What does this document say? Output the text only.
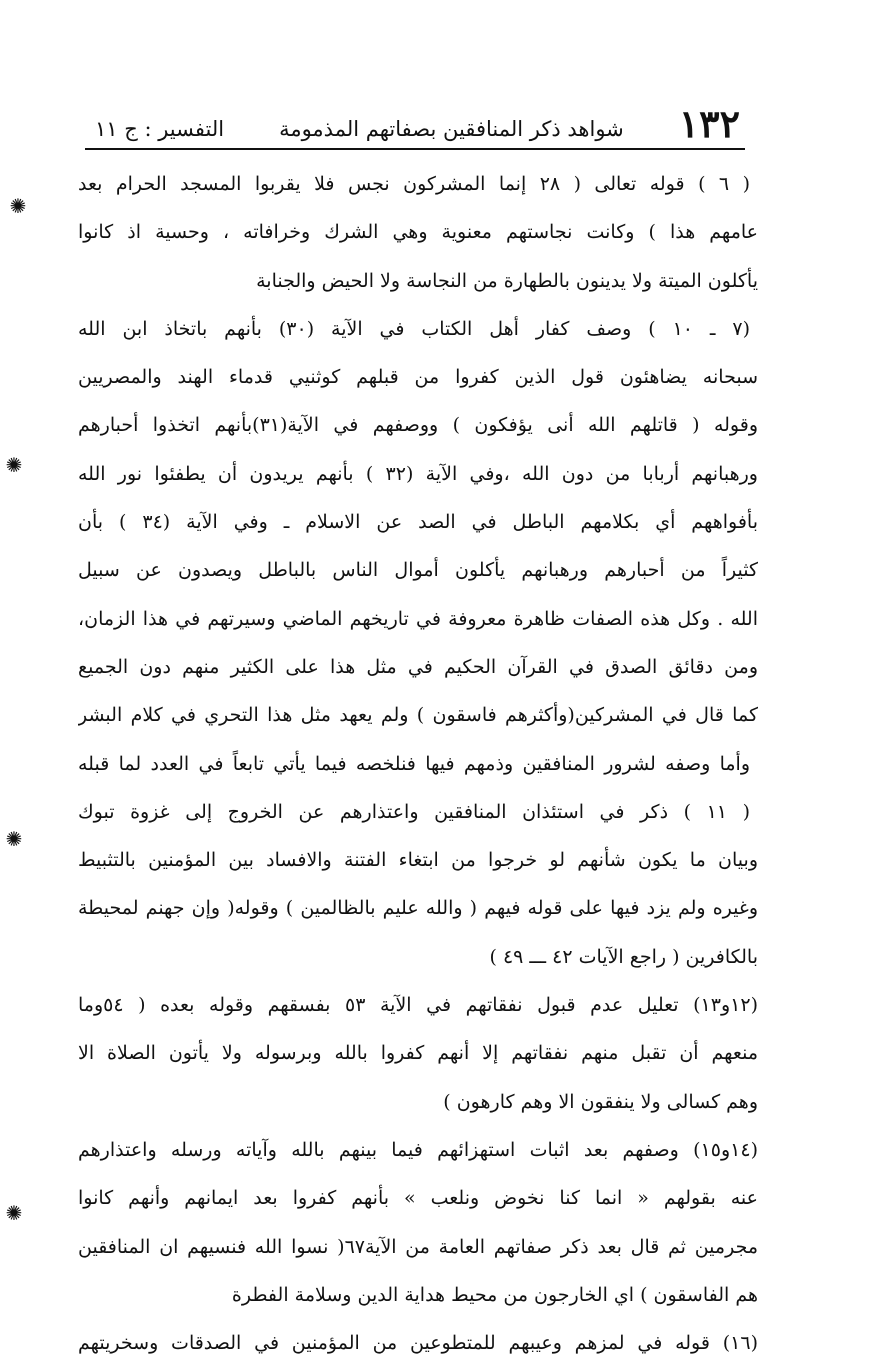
١٣٢
شواهد ذكر المنافقين بصفاتهم المذمومة
التفسير : ج ١١
( ٦ ) قوله تعالى ( ٢٨ إنما المشركون نجس فلا يقربوا المسجد الحرام بعد
عامهم هذا ) وكانت نجاستهم معنوية وهي الشرك وخرافاته ، وحسية اذ كانوا
يأكلون الميتة ولا يدينون بالطهارة من النجاسة ولا الحيض والجنابة
(٧ ـ ١٠ ) وصف كفار أهل الكتاب في الآية (٣٠) بأنهم باتخاذ ابن الله
سبحانه يضاهئون قول الذين كفروا من قبلهم كوثنيي قدماء الهند والمصريين
وقوله ( قاتلهم الله أنى يؤفكون ) ووصفهم في الآية(٣١)بأنهم اتخذوا أحبارهم
ورهبانهم أربابا من دون الله ،وفي الآية (٣٢ ) بأنهم يريدون أن يطفئوا نور الله
بأفواههم أي بكلامهم الباطل في الصد عن الاسلام ـ وفي الآية (٣٤ ) بأن
كثيراً من أحبارهم ورهبانهم يأكلون أموال الناس بالباطل ويصدون عن سبيل
الله . وكل هذه الصفات ظاهرة معروفة في تاريخهم الماضي وسيرتهم في هذا الزمان،
ومن دقائق الصدق في القرآن الحكيم في مثل هذا على الكثير منهم دون الجميع
كما قال في المشركين(وأكثرهم فاسقون ) ولم يعهد مثل هذا التحري في كلام البشر
وأما وصفه لشرور المنافقين وذمهم فيها فنلخصه فيما يأتي تابعاً في العدد لما قبله
( ١١ ) ذكر في استئذان المنافقين واعتذارهم عن الخروج إلى غزوة تبوك
وبيان ما يكون شأنهم لو خرجوا من ابتغاء الفتنة والافساد بين المؤمنين بالتثبيط
وغيره ولم يزد فيها على قوله فيهم ( والله عليم بالظالمين ) وقوله( وإن جهنم لمحيطة
بالكافرين ( راجع الآيات ٤٢ ـــ ٤٩ )
(١٢و١٣) تعليل عدم قبول نفقاتهم في الآية ٥٣ بفسقهم وقوله بعده ( ٥٤وما
منعهم أن تقبل منهم نفقاتهم إلا أنهم كفروا بالله وبرسوله ولا يأتون الصلاة الا
وهم كسالى ولا ينفقون الا وهم كارهون )
(١٤و١٥) وصفهم بعد اثبات استهزائهم فيما بينهم بالله وآياته ورسله واعتذارهم
عنه بقولهم « انما كنا نخوض ونلعب » بأنهم كفروا بعد ايمانهم وأنهم كانوا
مجرمين ثم قال بعد ذكر صفاتهم العامة من الآية٦٧( نسوا الله فنسيهم ان المنافقين
هم الفاسقون ) اي الخارجون من محيط هداية الدين وسلامة الفطرة
(١٦) قوله في لمزهم وعيبهم للمتطوعين من المؤمنين في الصدقات وسخريتهم
✺
✺
✺
✺
